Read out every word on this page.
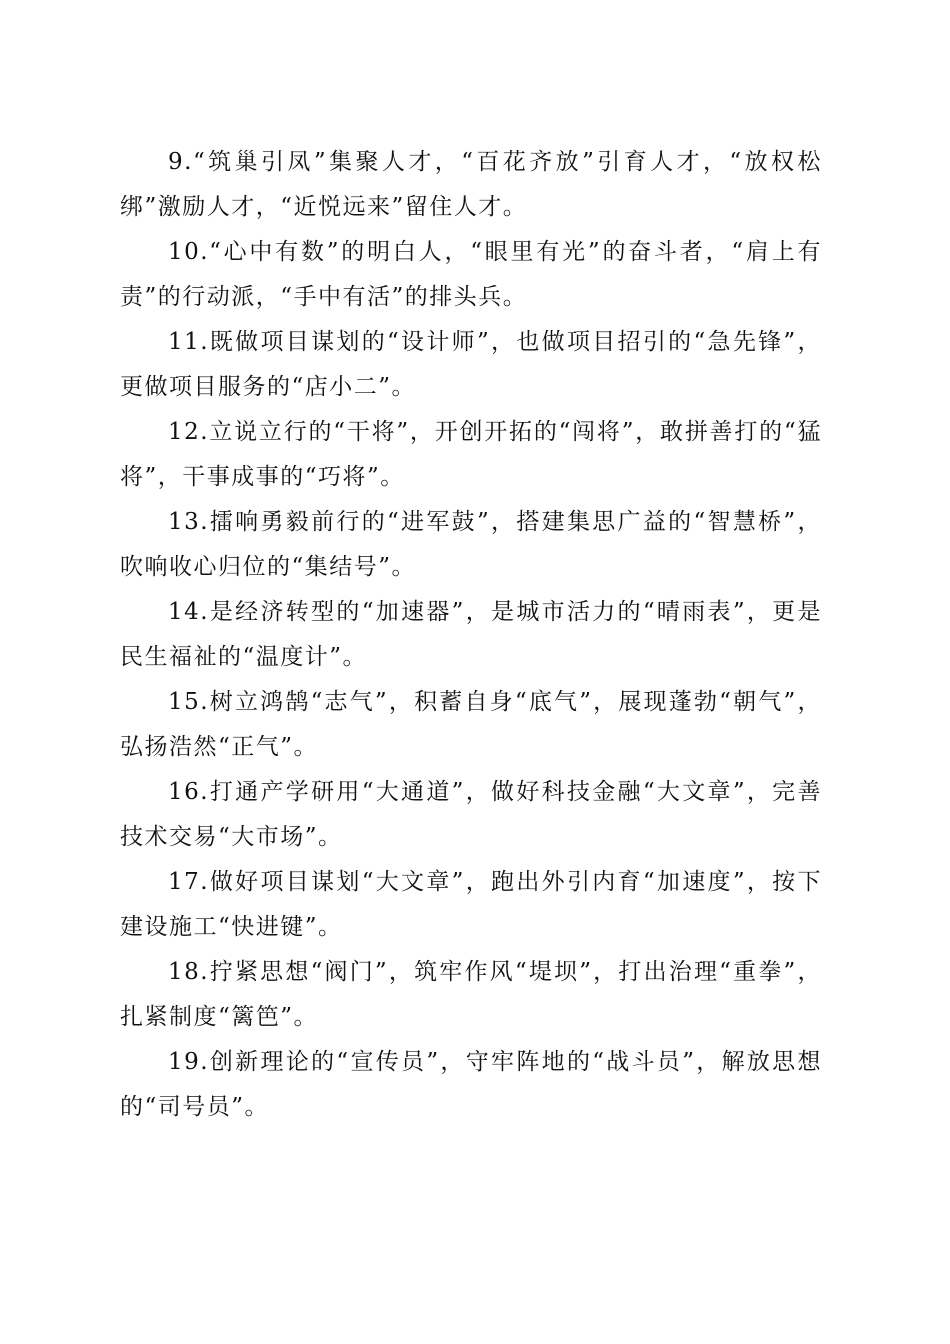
9.“筑巢引凤”集聚人才，“百花齐放”引育人才，“放权松绑”激励人才，“近悦远来”留住人才。

10.“心中有数”的明白人，“眼里有光”的奋斗者，“肩上有责”的行动派，“手中有活”的排头兵。

11.既做项目谋划的“设计师”，也做项目招引的“急先锋”，更做项目服务的“店小二”。

12.立说立行的“干将”，开创开拓的“闯将”，敢拼善打的“猛将”，干事成事的“巧将”。

13.擂响勇毅前行的“进军鼓”，搭建集思广益的“智慧桥”，吹响收心归位的“集结号”。

14.是经济转型的“加速器”，是城市活力的“晴雨表”，更是民生福祉的“温度计”。

15.树立鸿鹄“志气”，积蓄自身“底气”，展现蓬勃“朝气”，弘扬浩然“正气”。

16.打通产学研用“大通道”，做好科技金融“大文章”，完善技术交易“大市场”。

17.做好项目谋划“大文章”，跑出外引内育“加速度”，按下建设施工“快进键”。

18.拧紧思想“阀门”，筑牢作风“堤坝”，打出治理“重拳”，扎紧制度“篱笆”。

19.创新理论的“宣传员”，守牢阵地的“战斗员”，解放思想的“司号员”。
